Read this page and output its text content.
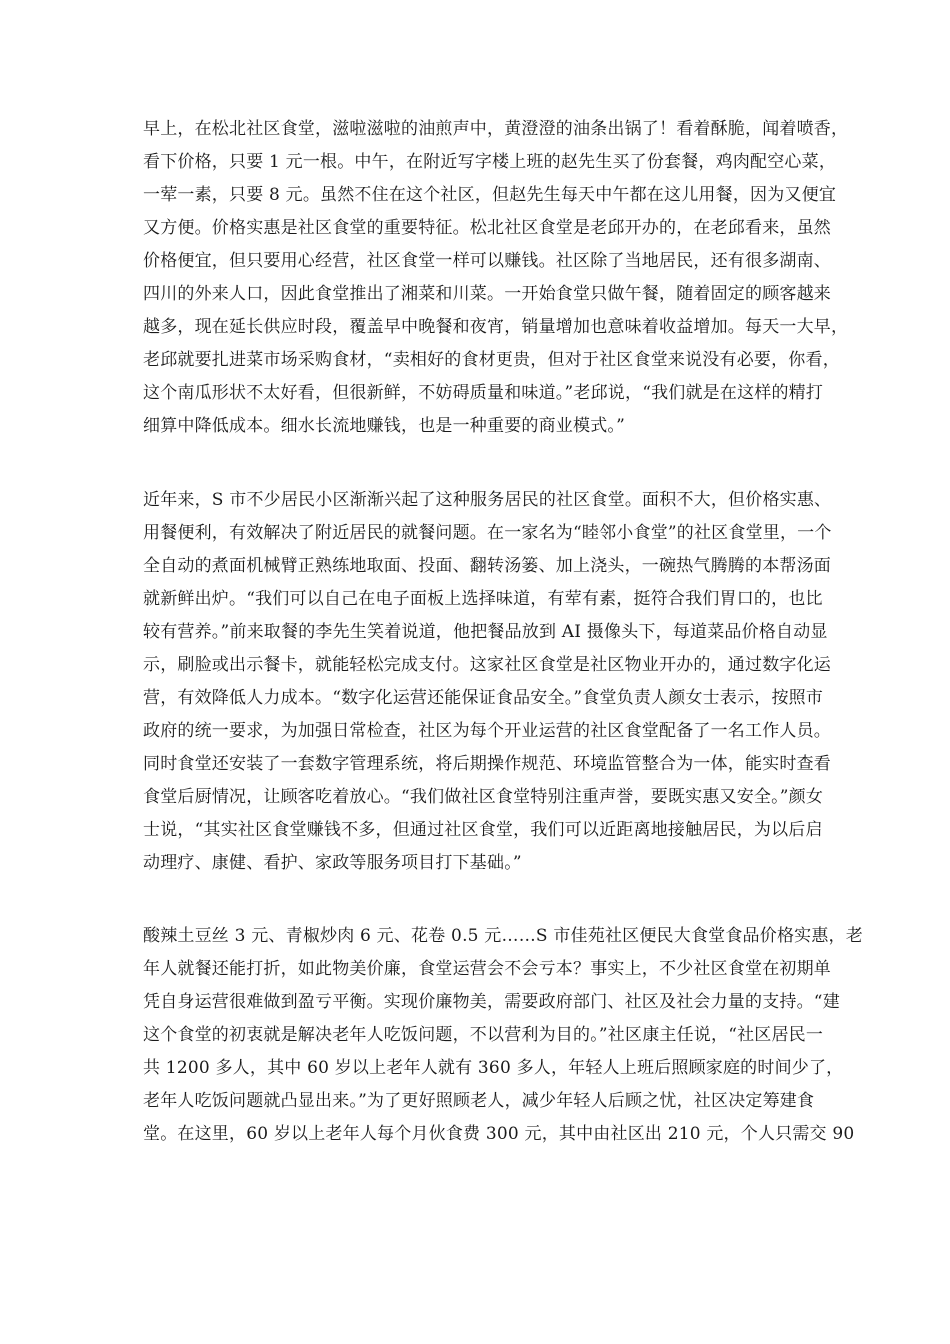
早上，在松北社区食堂，滋啦滋啦的油煎声中，黄澄澄的油条出锅了！看着酥脆，闻着喷香，
看下价格，只要 1 元一根。中午，在附近写字楼上班的赵先生买了份套餐，鸡肉配空心菜，
一荤一素，只要 8 元。虽然不住在这个社区，但赵先生每天中午都在这儿用餐，因为又便宜
又方便。价格实惠是社区食堂的重要特征。松北社区食堂是老邱开办的，在老邱看来，虽然
价格便宜，但只要用心经营，社区食堂一样可以赚钱。社区除了当地居民，还有很多湖南、
四川的外来人口，因此食堂推出了湘菜和川菜。一开始食堂只做午餐，随着固定的顾客越来
越多，现在延长供应时段，覆盖早中晚餐和夜宵，销量增加也意味着收益增加。每天一大早，
老邱就要扎进菜市场采购食材，“卖相好的食材更贵，但对于社区食堂来说没有必要，你看，
这个南瓜形状不太好看，但很新鲜，不妨碍质量和味道。”老邱说，“我们就是在这样的精打
细算中降低成本。细水长流地赚钱，也是一种重要的商业模式。”
近年来，S 市不少居民小区渐渐兴起了这种服务居民的社区食堂。面积不大，但价格实惠、
用餐便利，有效解决了附近居民的就餐问题。在一家名为“睦邻小食堂”的社区食堂里，一个
全自动的煮面机械臂正熟练地取面、投面、翻转汤篓、加上浇头，一碗热气腾腾的本帮汤面
就新鲜出炉。“我们可以自己在电子面板上选择味道，有荤有素，挺符合我们胃口的，也比
较有营养。”前来取餐的李先生笑着说道，他把餐品放到 AI 摄像头下，每道菜品价格自动显
示，刷脸或出示餐卡，就能轻松完成支付。这家社区食堂是社区物业开办的，通过数字化运
营，有效降低人力成本。“数字化运营还能保证食品安全。”食堂负责人颜女士表示，按照市
政府的统一要求，为加强日常检查，社区为每个开业运营的社区食堂配备了一名工作人员。
同时食堂还安装了一套数字管理系统，将后期操作规范、环境监管整合为一体，能实时查看
食堂后厨情况，让顾客吃着放心。“我们做社区食堂特别注重声誉，要既实惠又安全。”颜女
士说，“其实社区食堂赚钱不多，但通过社区食堂，我们可以近距离地接触居民，为以后启
动理疗、康健、看护、家政等服务项目打下基础。”
酸辣土豆丝 3 元、青椒炒肉 6 元、花卷 0.5 元……S 市佳苑社区便民大食堂食品价格实惠，老
年人就餐还能打折，如此物美价廉，食堂运营会不会亏本？事实上，不少社区食堂在初期单
凭自身运营很难做到盈亏平衡。实现价廉物美，需要政府部门、社区及社会力量的支持。“建
这个食堂的初衷就是解决老年人吃饭问题，不以营利为目的。”社区康主任说，“社区居民一
共 1200 多人，其中 60 岁以上老年人就有 360 多人，年轻人上班后照顾家庭的时间少了，
老年人吃饭问题就凸显出来。”为了更好照顾老人，减少年轻人后顾之忧，社区决定筹建食
堂。在这里，60 岁以上老年人每个月伙食费 300 元，其中由社区出 210 元，个人只需交 90
